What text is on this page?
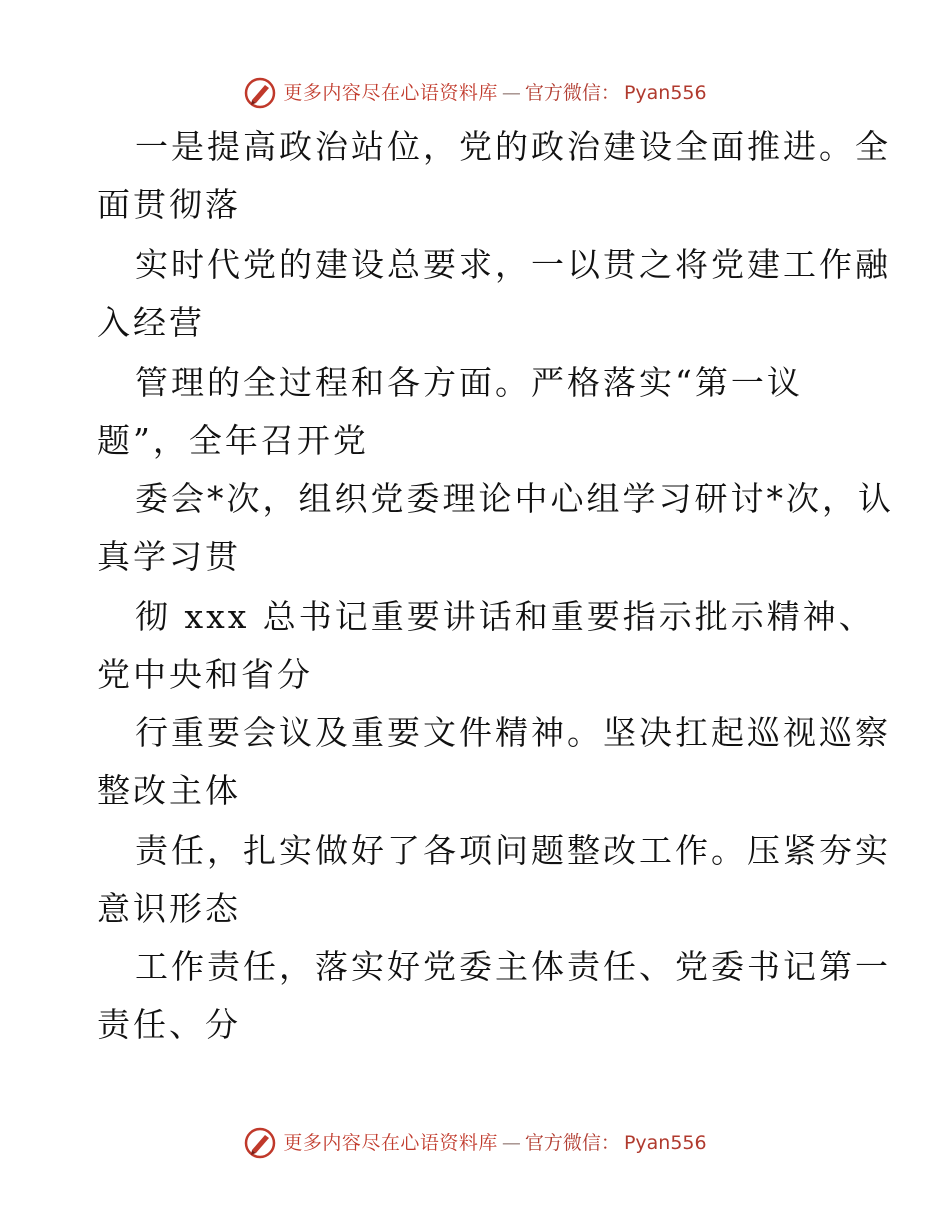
更多内容尽在心语资料库 — 官方微信： Pyan556
一是提高政治站位，党的政治建设全面推进。全
面贯彻落
实时代党的建设总要求，一以贯之将党建工作融
入经营
管理的全过程和各方面。严格落实“第一议
题”，全年召开党
委会*次，组织党委理论中心组学习研讨*次，认
真学习贯
彻 xxx 总书记重要讲话和重要指示批示精神、
党中央和省分
行重要会议及重要文件精神。坚决扛起巡视巡察
整改主体
责任，扎实做好了各项问题整改工作。压紧夯实
意识形态
工作责任，落实好党委主体责任、党委书记第一
责任、分
更多内容尽在心语资料库 — 官方微信： Pyan556
